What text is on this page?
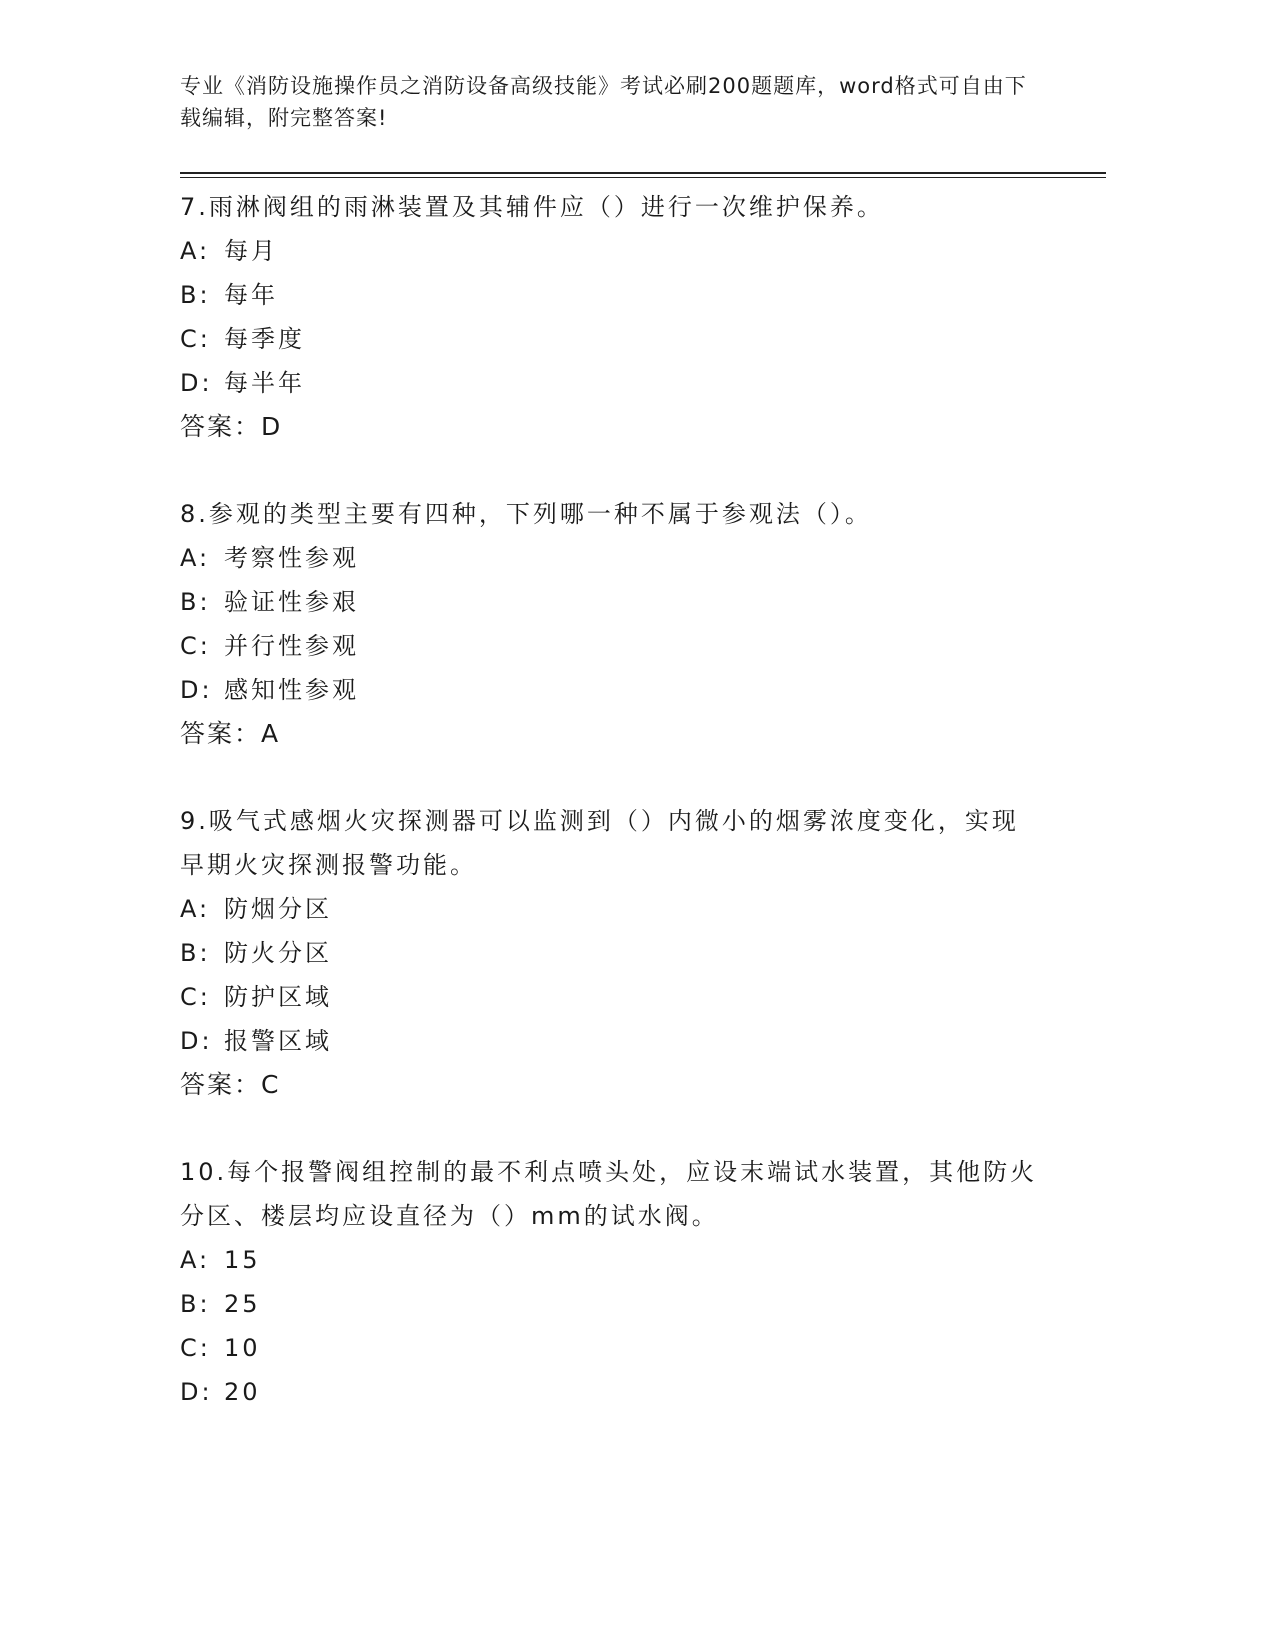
专业《消防设施操作员之消防设备高级技能》考试必刷200题题库，word格式可自由下载编辑，附完整答案!

7.雨淋阀组的雨淋装置及其辅件应（）进行一次维护保养。

A: 每月

B: 每年

C: 每季度

D: 每半年

答案：D

8.参观的类型主要有四种，下列哪一种不属于参观法（）。

A: 考察性参观

B: 验证性参艰

C: 并行性参观

D: 感知性参观

答案：A

9.吸气式感烟火灾探测器可以监测到（）内微小的烟雾浓度变化，实现早期火灾探测报警功能。

A: 防烟分区

B: 防火分区

C: 防护区域

D: 报警区域

答案：C

10.每个报警阀组控制的最不利点喷头处，应设末端试水装置，其他防火分区、楼层均应设直径为（）mm的试水阀。

A: 15

B: 25

C: 10

D: 20
